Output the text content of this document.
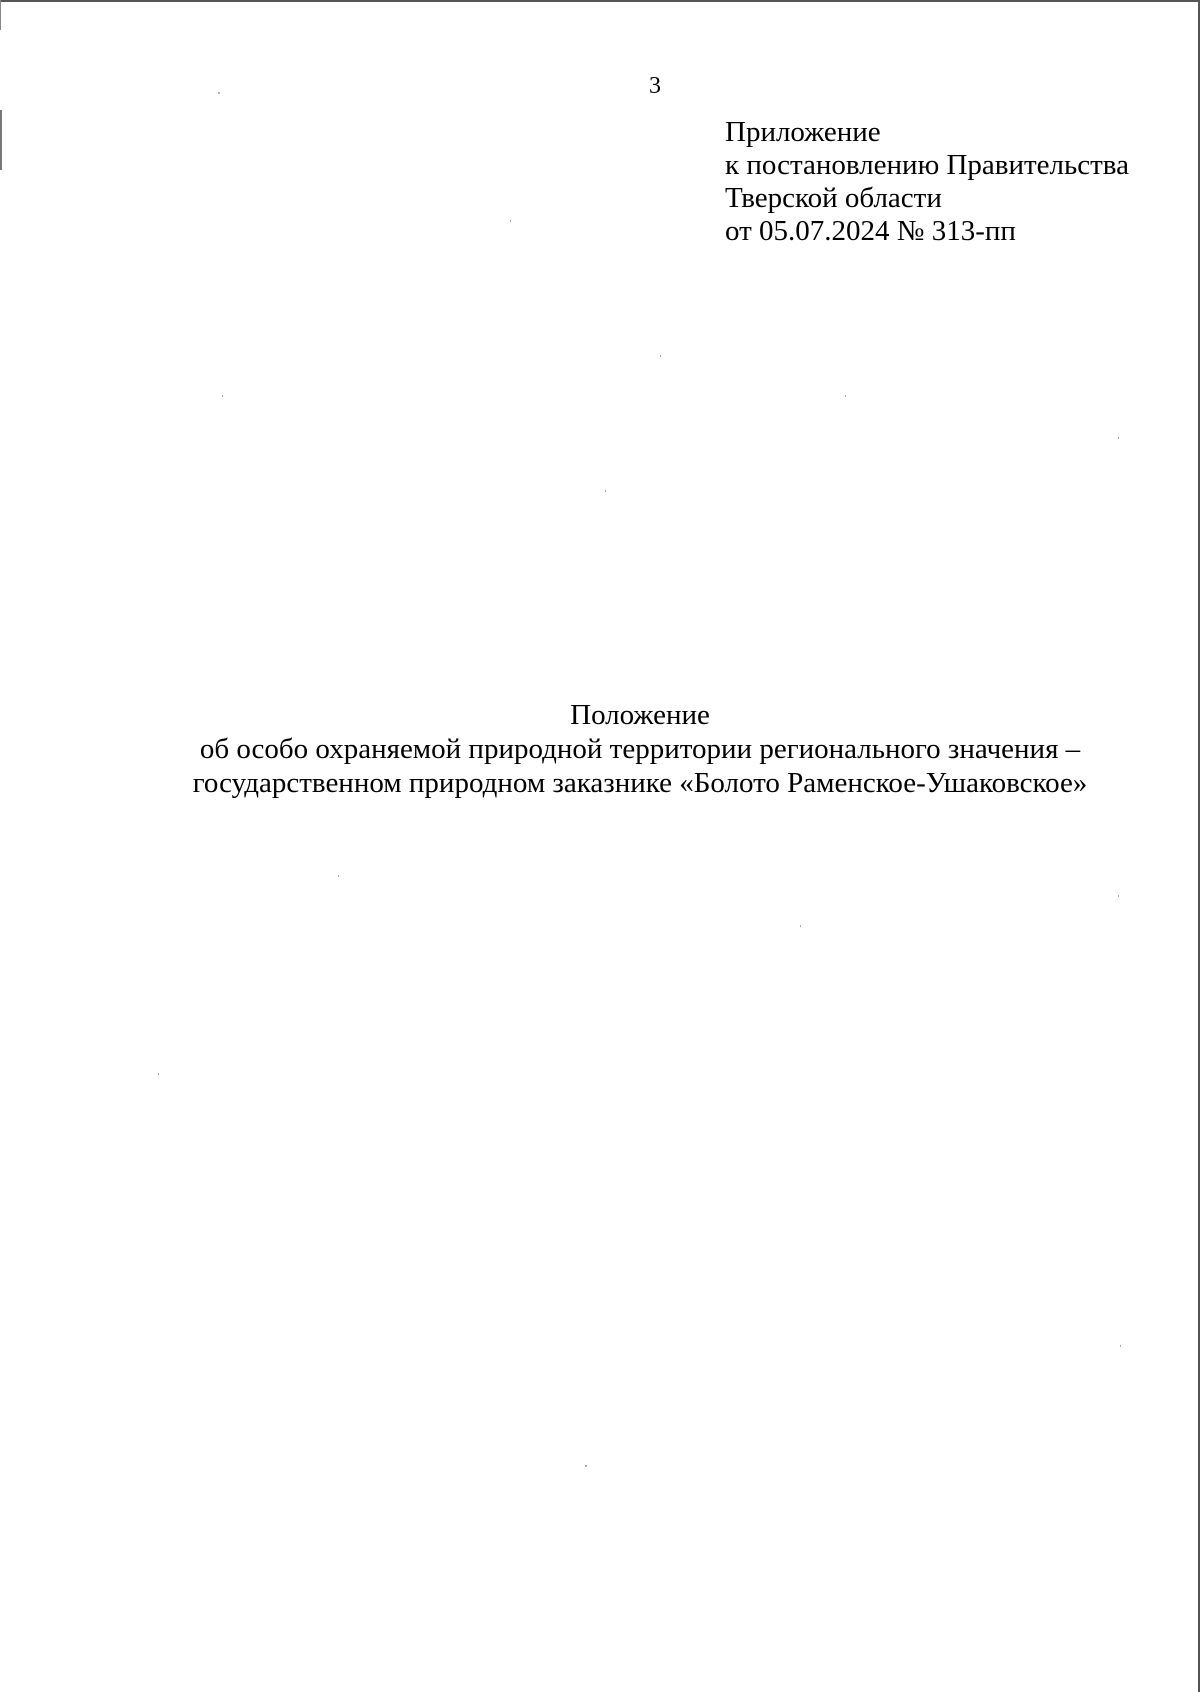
3
Приложение
к постановлению Правительства
Тверской области
от 05.07.2024 № 313-пп
Положение
об особо охраняемой природной территории регионального значения –
государственном природном заказнике «Болото Раменское-Ушаковское»
